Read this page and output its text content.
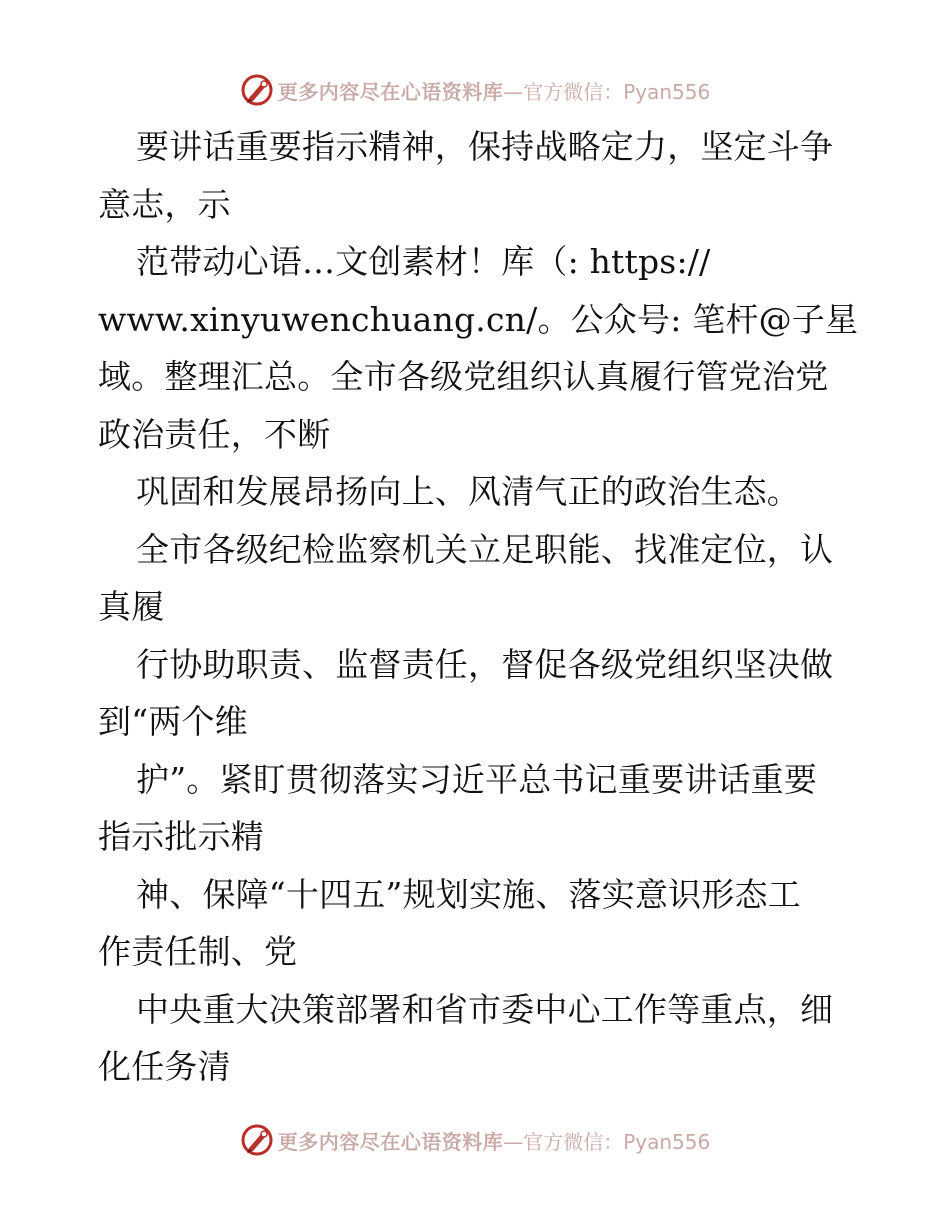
更多内容尽在心语资料库 —官方微信：Pyan556
要讲话重要指示精神，保持战略定力，坚定斗争
意志，示
范带动心语…文创素材！库（: https://
www.xinyuwenchuang.cn/。公众号: 笔杆@子星
域。整理汇总。全市各级党组织认真履行管党治党
政治责任，不断
巩固和发展昂扬向上、风清气正的政治生态。
全市各级纪检监察机关立足职能、找准定位，认
真履
行协助职责、监督责任，督促各级党组织坚决做
到“两个维
护”。紧盯贯彻落实习近平总书记重要讲话重要
指示批示精
神、保障“十四五”规划实施、落实意识形态工
作责任制、党
中央重大决策部署和省市委中心工作等重点，细
化任务清
更多内容尽在心语资料库 —官方微信：Pyan556
